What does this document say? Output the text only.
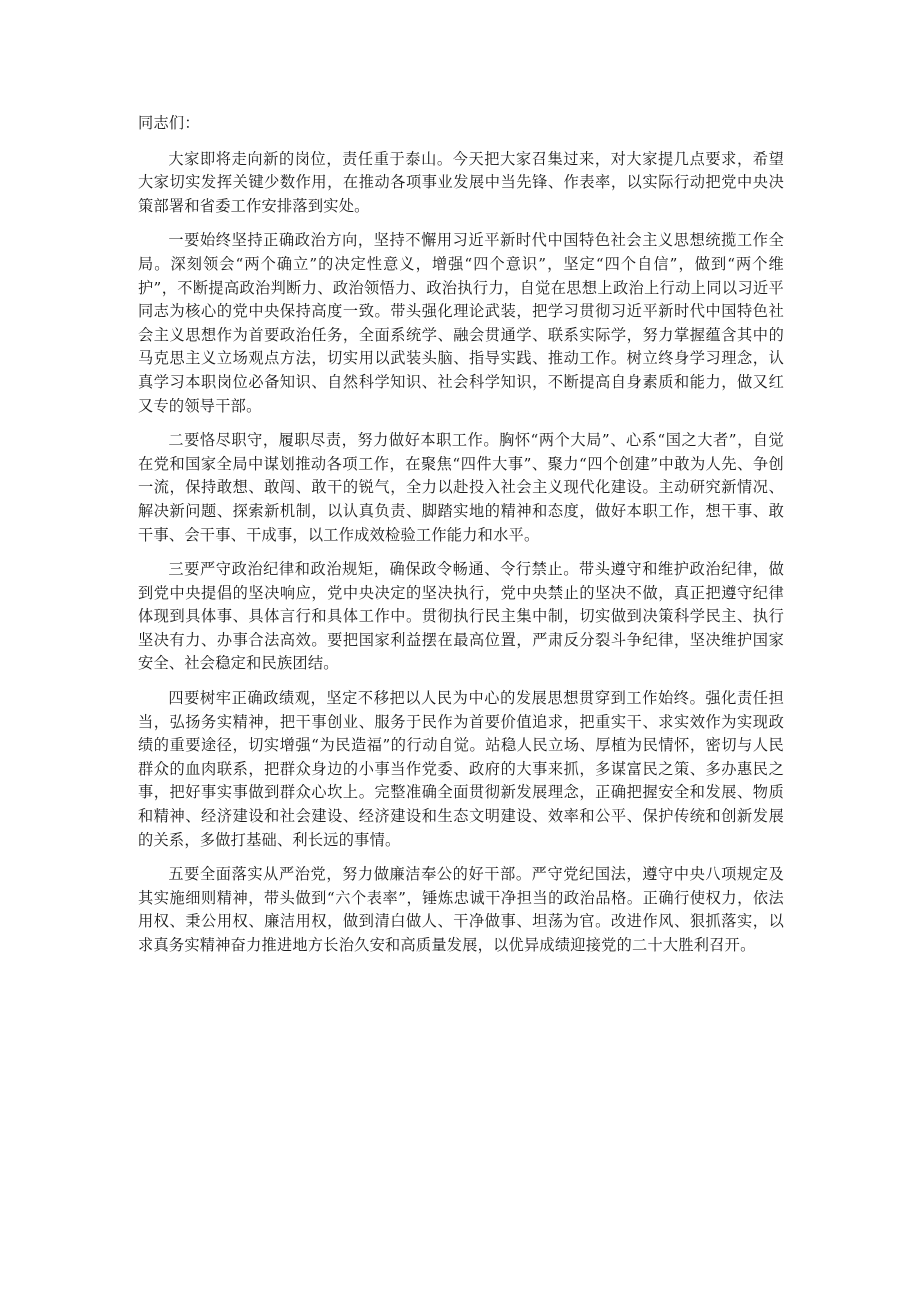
同志们：

大家即将走向新的岗位，责任重于泰山。今天把大家召集过来，对大家提几点要求，希望大家切实发挥关键少数作用，在推动各项事业发展中当先锋、作表率，以实际行动把党中央决策部署和省委工作安排落到实处。

一要始终坚持正确政治方向，坚持不懈用习近平新时代中国特色社会主义思想统揽工作全局。深刻领会“两个确立”的决定性意义，增强“四个意识”，坚定“四个自信”，做到“两个维护”，不断提高政治判断力、政治领悟力、政治执行力，自觉在思想上政治上行动上同以习近平同志为核心的党中央保持高度一致。带头强化理论武装，把学习贯彻习近平新时代中国特色社会主义思想作为首要政治任务，全面系统学、融会贯通学、联系实际学，努力掌握蕴含其中的马克思主义立场观点方法，切实用以武装头脑、指导实践、推动工作。树立终身学习理念，认真学习本职岗位必备知识、自然科学知识、社会科学知识，不断提高自身素质和能力，做又红又专的领导干部。

二要恪尽职守，履职尽责，努力做好本职工作。胸怀“两个大局”、心系“国之大者”，自觉在党和国家全局中谋划推动各项工作，在聚焦“四件大事”、聚力“四个创建”中敢为人先、争创一流，保持敢想、敢闯、敢干的锐气，全力以赴投入社会主义现代化建设。主动研究新情况、解决新问题、探索新机制，以认真负责、脚踏实地的精神和态度，做好本职工作，想干事、敢干事、会干事、干成事，以工作成效检验工作能力和水平。

三要严守政治纪律和政治规矩，确保政令畅通、令行禁止。带头遵守和维护政治纪律，做到党中央提倡的坚决响应，党中央决定的坚决执行，党中央禁止的坚决不做，真正把遵守纪律体现到具体事、具体言行和具体工作中。贯彻执行民主集中制，切实做到决策科学民主、执行坚决有力、办事合法高效。要把国家利益摆在最高位置，严肃反分裂斗争纪律，坚决维护国家安全、社会稳定和民族团结。

四要树牢正确政绩观，坚定不移把以人民为中心的发展思想贯穿到工作始终。强化责任担当，弘扬务实精神，把干事创业、服务于民作为首要价值追求，把重实干、求实效作为实现政绩的重要途径，切实增强“为民造福”的行动自觉。站稳人民立场、厚植为民情怀，密切与人民群众的血肉联系，把群众身边的小事当作党委、政府的大事来抓，多谋富民之策、多办惠民之事，把好事实事做到群众心坎上。完整准确全面贯彻新发展理念，正确把握安全和发展、物质和精神、经济建设和社会建设、经济建设和生态文明建设、效率和公平、保护传统和创新发展的关系，多做打基础、利长远的事情。

五要全面落实从严治党，努力做廉洁奉公的好干部。严守党纪国法，遵守中央八项规定及其实施细则精神，带头做到“六个表率”，锤炼忠诚干净担当的政治品格。正确行使权力，依法用权、秉公用权、廉洁用权，做到清白做人、干净做事、坦荡为官。改进作风、狠抓落实，以求真务实精神奋力推进地方长治久安和高质量发展，以优异成绩迎接党的二十大胜利召开。
